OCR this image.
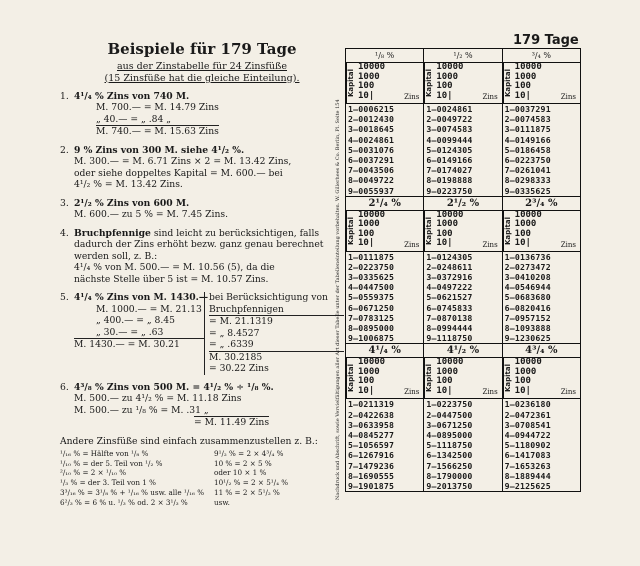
Beispiele für 179 Tage
aus der Zinstabelle für 24 Zinsfüße
(15 Zinsfüße hat die gleiche Einteilung).
1. 4¹/₄ % Zins von 740 M.
M. 700.— = M. 14.79 Zins
„ 40.— = „ .84 „
M. 740.— = M. 15.63 Zins
2. 9 % Zins von 300 M. siehe 4¹/₂ %.
M. 300.— = M. 6.71 Zins × 2 = M. 13.42 Zins,
oder siehe doppeltes Kapital = M. 600.— bei
4¹/₂ % = M. 13.42 Zins.
3. 2¹/₂ % Zins von 600 M.
M. 600.— zu 5 % = M. 7.45 Zins.
4. Bruchpfennige sind leicht zu berücksichtigen, falls dadurch der Zins erhöht bezw. ganz genau berechnet werden soll, z. B.:
4¹/₄ % von M. 500.— = M. 10.56 (5), da die
nächste Stelle über 5 ist = M. 10.57 Zins.
5. 4¹/₄ % Zins von M. 1430.—
M. 1000.— = M. 21.13
„ 400.— = „ 8.45
„ 30.— = „ .63
M. 1430.— = M. 30.21
bei Berücksichtigung von Bruchpfennigen
= M. 21.1319
= „ 8.4527
= „ .6339
M. 30.2185
= 30.22 Zins
6. 4³/₈ % Zins von 500 M. = 4¹/₂ % ÷ ¹/₈ %.
M. 500.— zu 4¹/₂ % = M. 11.18 Zins
M. 500.— zu ¹/₈ % = M. .31 „
= M. 11.49 Zins
Andere Zinsfüße sind einfach zusammenzustellen z. B.:
¹/₁₆ % = Hälfte von ¹/₈ %
¹/₁₀ % = der 5. Teil von ¹/₂ %
²/₁₀ % = 2 × ¹/₁₀ %
¹/₃ % = der 3. Teil von 1 %
3³/₁₆ % = 3¹/₈ % + ¹/₁₆ % usw. alle ¹/₁₆ %
6²/₃ % = 6 % u. ¹/₃ % od. 2 × 3¹/₃ %
9¹/₂ % = 2 × 4³/₄ %
10 % = 2 × 5 %
oder 10 × 1 %
10¹/₂ % = 2 × 5¹/₄ %
11 % = 2 × 5¹/₂ %
usw.
Nachdruck und Abschrift, sowie Vervielfältigungen aller Art dieser Tabelle unter der Tabelleneinteilung vorbehalten. W. Gillerhees & Co. Berlin, Pl. Seite 154
179 Tage
¹/₈ %
Kapital
10000
1000
100
10|	Zins
1–0006215
2–0012430
3–0018645
4–0024861
5–0031076
6–0037291
7–0043506
8–0049722
9–0055937
¹/₂ %
Kapital
10000
1000
100
10|	Zins
1–0024861
2–0049722
3–0074583
4–0099444
5–0124305
6–0149166
7–0174027
8–0198888
9–0223750
³/₄ %
Kapital
10000
1000
100
10|	Zins
1–0037291
2–0074583
3–0111875
4–0149166
5–0186458
6–0223750
7–0261041
8–0298333
9–0335625
2¹/₄ %
Kapital
10000
1000
100
10|	Zins
1–0111875
2–0223750
3–0335625
4–0447500
5–0559375
6–0671250
7–0783125
8–0895000
9–1006875
2¹/₂ %
Kapital
10000
1000
100
10|	Zins
1–0124305
2–0248611
3–0372916
4–0497222
5–0621527
6–0745833
7–0870138
8–0994444
9–1118750
2³/₄ %
Kapital
10000
1000
100
10|	Zins
1–0136736
2–0273472
3–0410208
4–0546944
5–0683680
6–0820416
7–0957152
8–1093888
9–1230625
4¹/₄ %
Kapital
10000
1000
100
10|	Zins
1–0211319
2–0422638
3–0633958
4–0845277
5–1056597
6–1267916
7–1479236
8–1690555
9–1901875
4¹/₂ %
Kapital
10000
1000
100
10|	Zins
1–0223750
2–0447500
3–0671250
4–0895000
5–1118750
6–1342500
7–1566250
8–1790000
9–2013750
4³/₄ %
Kapital
10000
1000
100
10|	Zins
1–0236180
2–0472361
3–0708541
4–0944722
5–1180902
6–1417083
7–1653263
8–1889444
9–2125625
